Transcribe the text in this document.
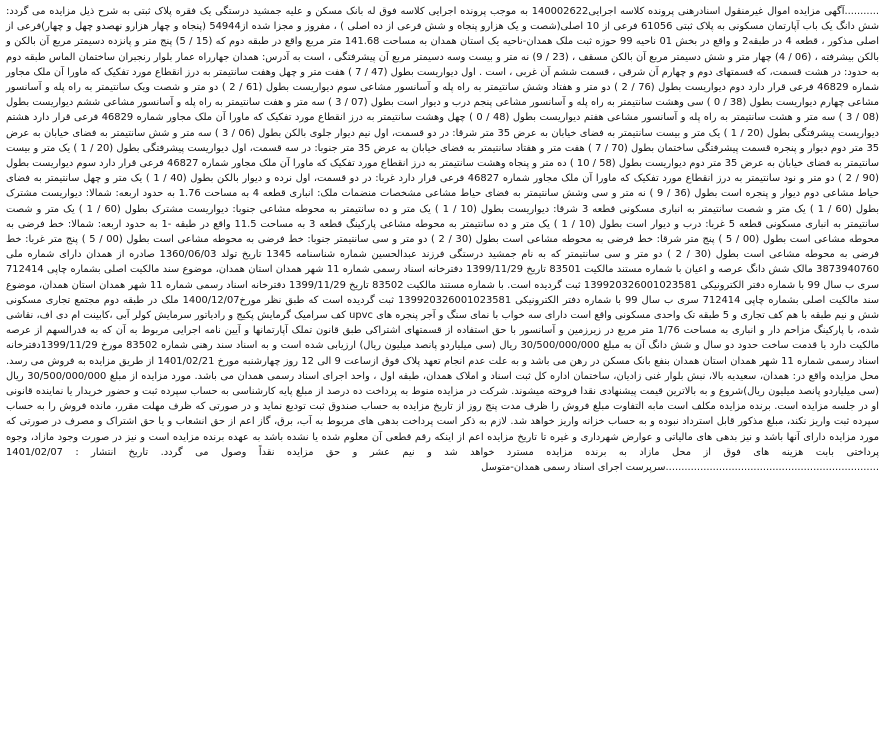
...........آگهی مزایده اموال غیرمنقول اسنادرهنی پرونده کلاسه اجرایی140002622 به موجب پرونده اجرایی کلاسه فوق له بانک مسکن و علیه جمشید درستگی یک فقره پلاک ثبتی به شرح ذیل مزایده می گردد: شش دانگ یک باب آپارتمان مسکونی به پلاک ثبتی 61056 فرعی از 10 اصلی(شصت و یک هزارو پنجاه و شش فرعی از ده اصلی ) ، مفروز و مجزا شده از54944 (پنجاه و چهار هزارو نهصدو چهل و چهار)فرعی از اصلی مذکور ، قطعه 4 در طبقه2 و واقع در بخش 01 ناحیه 99 حوزه ثبت ملک همدان-ناحیه یک استان همدان به مساحت 141.68 متر مربع واقع در طبقه دوم که (15 / 5) پنج متر و پانزده دسیمتر مربع آن بالکن و بالکن بیشرفته ، (06 / 4) چهار متر و شش دسیمتر مربع آن بالکن مسقف ، (23 / 9) نه متر و بیست وسه دسیمتر مربع آن پیشرفتگی ، است به آدرس: همدان جهارراه عمار بلوار رنجبران ساختمان الماس طبقه دوم به حدود: در هشت قسمت، که قسمتهای دوم و چهارم آن شرقی ، قسمت ششم آن غربی ، است . اول دیواریست بطول (47 / 7 ) هفت متر و چهل وهفت سانتیمتر به درز انقطاع مورد تفکیک که ماورا آن ملک مجاور شماره 46829 فرعی قرار دارد دوم دیواریست بطول (76 / 2 ) دو متر و هفتاد وشش سانتیمتر به راه پله و آسانسور مشاعی سوم دیواریست بطول (61 / 2 ) دو متر و شصت ویک سانتیمتر به راه پله و آسانسور مشاعی چهارم دیواریست بطول (38 / 0 ) سی وهشت سانتیمتر به راه پله و آسانسور مشاعی پنجم درب و دیوار است بطول (07 / 3 ) سه متر و هفت سانتیمتر به راه پله و آسانسور مشاعی ششم دیواریست بطول (08 / 3 ) سه متر و هشت سانتیمتر به راه پله و آسانسور مشاعی هفتم دیواریست بطول (48 / 0 ) چهل وهشت سانتیمتر به درز انقطاع مورد تفکیک که ماورا آن ملک مجاور شماره 46829 فرعی قرار دارد هشتم دیواریست پیشرفتگی بطول (20 / 1 ) یک متر و بیست سانتیمتر به فضای خیابان به عرض 35 متر شرقا: در دو قسمت، اول نیم دیوار جلوی بالکن بطول (06 / 3 ) سه متر و شش سانتیمتر به فضای خیابان به عرض 35 متر دوم دیوار و پنجره قسمت پیشرفتگی ساختمان بطول (70 / 7 ) هفت متر و هفتاد سانتیمتر به فضای خیابان به عرض 35 متر جنوبا: در سه قسمت، اول دیواریست پیشرفتگی بطول (20 / 1 ) یک متر و بیست سانتیمتر به فضای خیابان به عرض 35 متر دوم دیواریست بطول (58 / 10 ) ده متر و پنجاه وهشت سانتیمتر به درز انقطاع مورد تفکیک که ماورا آن ملک مجاور شماره 46827 فرعی قرار دارد سوم دیواریست بطول (90 / 2 ) دو متر و نود سانتیمتر به درز انقطاع مورد تفکیک که ماورا آن ملک مجاور شماره 46827 فرعی قرار دارد غربا: در دو قسمت، اول نرده و دیوار بالکن بطول (40 / 1 ) یک متر و چهل سانتیمتر به فضای حیاط مشاعی دوم دیوار و پنجره است بطول (36 / 9 ) نه متر و سی وشش سانتیمتر به فضای حیاط مشاعی مشخصات منضمات ملک: انباری قطعه 4 به مساحت 1.76 به حدود اربعه: شمالا: دیواریست مشترک بطول (60 / 1 ) یک متر و شصت سانتیمتر به انباری مسکونی قطعه 3 شرقا: دیواریست بطول (10 / 1 ) یک متر و ده سانتیمتر به محوطه مشاعی جنوبا: دیواریست مشترک بطول (60 / 1 ) یک متر و شصت سانتیمتر به انباری مسکونی قطعه 5 غربا: درب و دیوار است بطول (10 / 1 ) یک متر و ده سانتیمتر به محوطه مشاعی پارکینگ قطعه 3 به مساحت 11.5 واقع در طبقه -1 به حدود اربعه: شمالا: خط فرضی به محوطه مشاعی است بطول (00 / 5 ) پنج متر شرقا: خط فرضی به محوطه مشاعی است بطول (30 / 2 ) دو متر و سی سانتیمتر جنوبا: خط فرضی به محوطه مشاعی است بطول (00 / 5 ) پنج متر غربا: خط فرضی به محوطه مشاعی است بطول (30 / 2 ) دو متر و سی سانتیمتر که به نام جمشید درستگی فرزند عبدالحسین شماره شناسنامه 1345 تاریخ تولد 1360/06/03 صادره از همدان دارای شماره ملی 3873940760 مالک شش دانگ عرصه و اعیان با شماره مستند مالکیت 83501 تاریخ 1399/11/29 دفترخانه اسناد رسمی شماره 11 شهر همدان استان همدان، موضوع سند مالکیت اصلی بشماره چاپی 712414 سری ب سال 99 با شماره دفتر الکترونیکی 139920326001023581 ثبت گردیده است. با شماره مستند مالکیت 83502 تاریخ 1399/11/29 دفترخانه اسناد رسمی شماره 11 شهر همدان استان همدان، موضوع سند مالکیت اصلی بشماره چاپی 712414 سری ب سال 99 با شماره دفتر الکترونیکی 139920326001023581 ثبت گردیده است که طبق نظر مورخ1400/12/07 ملک در طبقه دوم مجتمع تجاری مسکونی شش و نیم طبقه با هم کف تجاری و 5 طبقه تک واحدی مسکونی واقع است دارای سه خواب با نمای سنگ و آجر پنجره های upvc کف سرامیک گرمایش پکیج و رادیاتور سرمایش کولر آبی ،کابینت ام دی اف، نقاشی شده، با پارکینگ مزاحم دار و انباری به مساحت 1/76 متر مربع در زیرزمین و آسانسور با حق استفاده از قسمتهای اشتراکی طبق قانون تملک آپارتمانها و آیین نامه اجرایی مربوط به آن که به قدرالسهم از عرصه مالکیت دارد با قدمت ساخت حدود دو سال و شش دانگ آن به مبلغ 30/500/000/000 ریال (سی میلیاردو پانصد میلیون ریال) ارزیابی شده است و به اسناد سند رهنی شماره 83502 مورخ 1399/11/29دفترخانه اسناد رسمی شماره 11 شهر همدان استان همدان بنفع بانک مسکن در رهن می باشد و به علت عدم انجام تعهد پلاک فوق ازساعت 9 الی 12 روز چهارشنبه مورخ 1401/02/21 از طریق مزایده به فروش می رسد. محل مزایده واقع در: همدان، سعیدیه بالا، نبش بلوار غنی زادیان، ساختمان اداره کل ثبت اسناد و املاک همدان، طبقه اول ، واحد اجرای اسناد رسمی همدان می باشد. مورد مزایده از مبلغ 30/500/000/000 ریال (سی میلیاردو پانصد میلیون ریال)شروع و به بالاترین قیمت پیشنهادی نقدا فروخته میشوند. شرکت در مزایده منوط به پرداخت ده درصد از مبلغ پایه کارشناسی به حساب سپرده ثبت و حضور خریدار یا نماینده قانونی او در جلسه مزایده است. برنده مزایده مکلف است مابه التفاوت مبلغ فروش را ظرف مدت پنج روز از تاریخ مزایده به حساب صندوق ثبت تودیع نماید و در صورتی که ظرف مهلت مقرر، مانده فروش را به حساب سپرده ثبت واریز نکند، مبلغ مذکور قابل استرداد نبوده و به حساب خزانه واریز خواهد شد. لازم به ذکر است پرداخت بدهی های مربوط به آب، برق، گاز اعم از حق انشعاب و یا حق اشتراک و مصرف در صورتی که مورد مزایده دارای آنها باشد و نیز بدهی های مالیاتی و عوارض شهرداری و غیره تا تاریخ مزایده اعم از اینکه رقم قطعی آن معلوم شده یا نشده باشد به عهده برنده مزایده است و نیز در صورت وجود مازاد، وجوه پرداختی بابت هزینه های فوق از محل مازاد به برنده مزایده مسترد خواهد شد و نیم عشر و حق مزایده نقداً وصول می گردد. تاریخ انتشار : 1401/02/07 ....................................................................سرپرست اجرای اسناد رسمی همدان-متوسل
